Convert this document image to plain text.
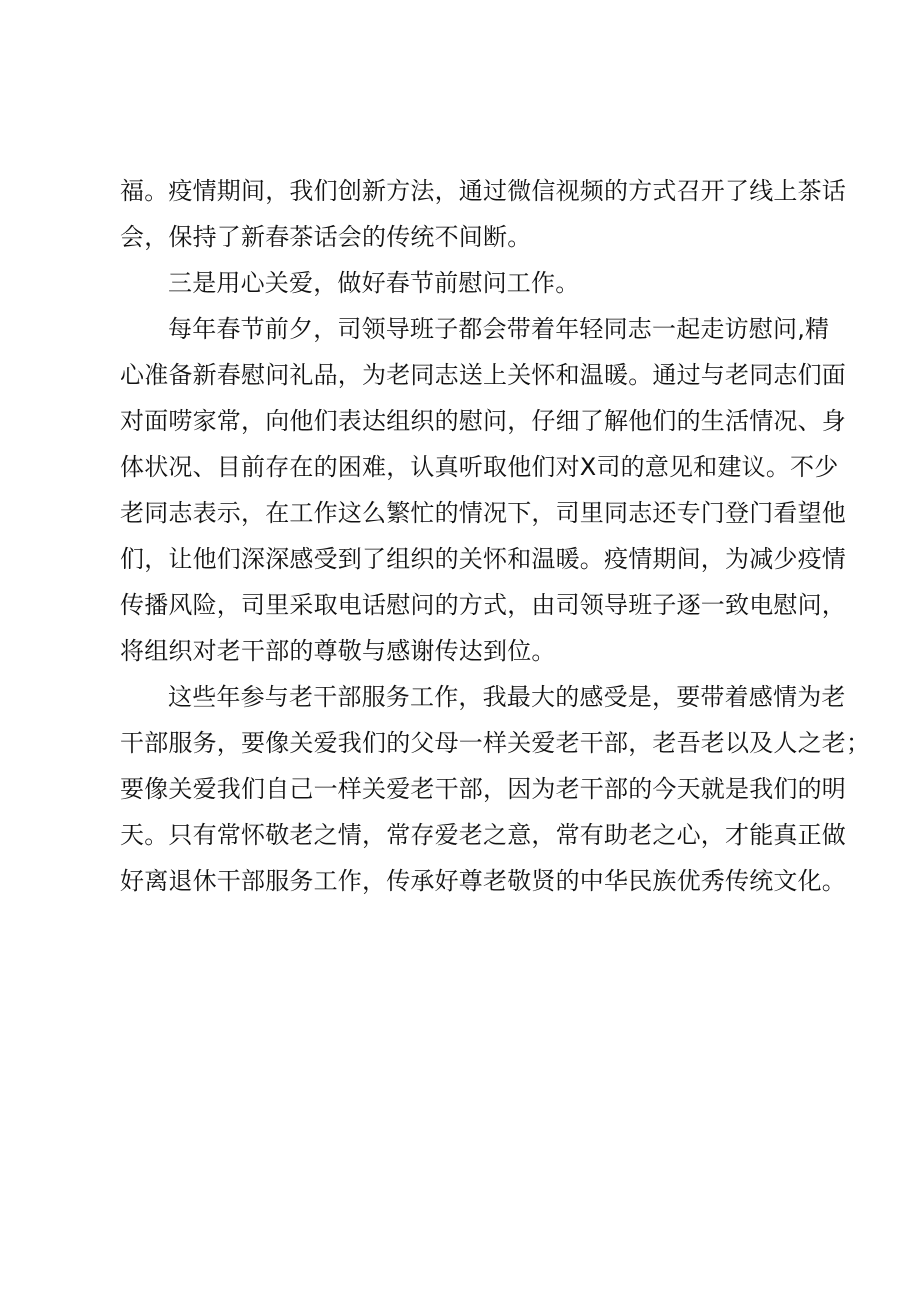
福。疫情期间，我们创新方法，通过微信视频的方式召开了线上茶话
会，保持了新春茶话会的传统不间断。
三是用心关爱，做好春节前慰问工作。
每年春节前夕，司领导班子都会带着年轻同志一起走访慰问,精
心准备新春慰问礼品，为老同志送上关怀和温暖。通过与老同志们面
对面唠家常，向他们表达组织的慰问，仔细了解他们的生活情况、身
体状况、目前存在的困难，认真听取他们对X司的意见和建议。不少
老同志表示，在工作这么繁忙的情况下，司里同志还专门登门看望他
们，让他们深深感受到了组织的关怀和温暖。疫情期间，为减少疫情
传播风险，司里采取电话慰问的方式，由司领导班子逐一致电慰问，
将组织对老干部的尊敬与感谢传达到位。
这些年参与老干部服务工作，我最大的感受是，要带着感情为老
干部服务，要像关爱我们的父母一样关爱老干部，老吾老以及人之老；
要像关爱我们自己一样关爱老干部，因为老干部的今天就是我们的明
天。只有常怀敬老之情，常存爱老之意，常有助老之心，才能真正做
好离退休干部服务工作，传承好尊老敬贤的中华民族优秀传统文化。
